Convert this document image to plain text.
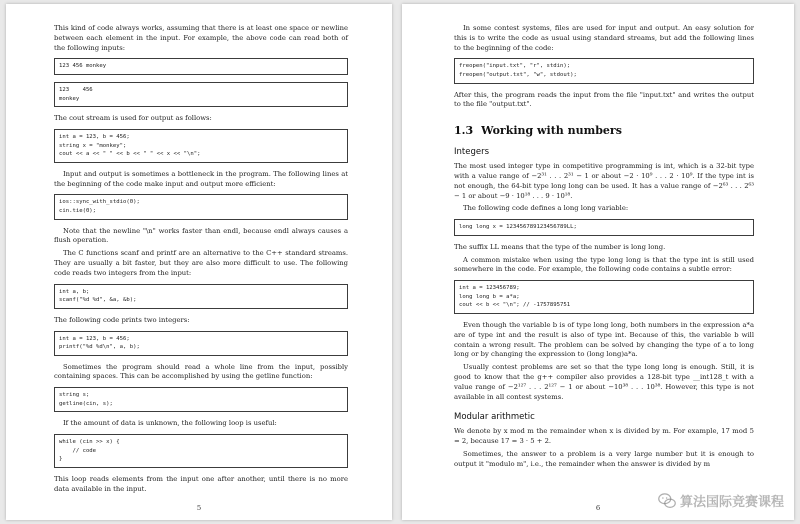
This kind of code always works, assuming that there is at least one space or newline between each element in the input. For example, the above code can read both of the following inputs:

123 456 monkey
123    456
monkey

The cout stream is used for output as follows:

int a = 123, b = 456;
string x = "monkey";
cout << a << " " << b << " " << x << "\n";

Input and output is sometimes a bottleneck in the program. The following lines at the beginning of the code make input and output more efficient:

ios::sync_with_stdio(0);
cin.tie(0);

Note that the newline "\n" works faster than endl, because endl always causes a flush operation.

The C functions scanf and printf are an alternative to the C++ standard streams. They are usually a bit faster, but they are also more difficult to use. The following code reads two integers from the input:

int a, b;
scanf("%d %d", &a, &b);

The following code prints two integers:

int a = 123, b = 456;
printf("%d %d\n", a, b);

Sometimes the program should read a whole line from the input, possibly containing spaces. This can be accomplished by using the getline function:

string s;
getline(cin, s);

If the amount of data is unknown, the following loop is useful:

while (cin >> x) {
// code
}

This loop reads elements from the input one after another, until there is no more data available in the input.

5

In some contest systems, files are used for input and output. An easy solution for this is to write the code as usual using standard streams, but add the following lines to the beginning of the code:

freopen("input.txt", "r", stdin);
freopen("output.txt", "w", stdout);

After this, the program reads the input from the file "input.txt" and writes the output to the file "output.txt".

1.3 Working with numbers
Integers

The most used integer type in competitive programming is int, which is a 32-bit type with a value range of −2³¹ . . . 2³¹ − 1 or about −2 · 10⁹ . . . 2 · 10⁹. If the type int is not enough, the 64-bit type long long can be used. It has a value range of −2⁶³ . . . 2⁶³ − 1 or about −9 · 10¹⁸ . . . 9 · 10¹⁸.

The following code defines a long long variable:

long long x = 123456789123456789LL;

The suffix LL means that the type of the number is long long.

A common mistake when using the type long long is that the type int is still used somewhere in the code. For example, the following code contains a subtle error:

int a = 123456789;
long long b = a*a;
cout << b << "\n"; // -1757895751

Even though the variable b is of type long long, both numbers in the expression a*a are of type int and the result is also of type int. Because of this, the variable b will contain a wrong result. The problem can be solved by changing the type of a to long long or by changing the expression to (long long)a*a.

Usually contest problems are set so that the type long long is enough. Still, it is good to know that the g++ compiler also provides a 128-bit type __int128_t with a value range of −2¹²⁷ . . . 2¹²⁷ − 1 or about −10³⁸ . . . 10³⁸. However, this type is not available in all contest systems.

Modular arithmetic

We denote by x mod m the remainder when x is divided by m. For example, 17 mod 5 = 2, because 17 = 3 · 5 + 2.

Sometimes, the answer to a problem is a very large number but it is enough to output it "modulo m", i.e., the remainder when the answer is divided by m

6	算法国际竞赛课程
